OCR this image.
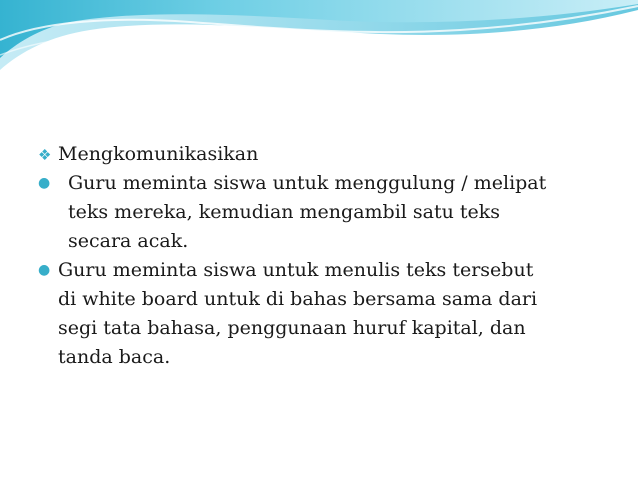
❖ Mengkomunikasikan
● Guru meminta siswa untuk menggulung / melipat teks mereka, kemudian mengambil satu teks secara acak.
● Guru meminta siswa untuk menulis teks tersebut di white board untuk di bahas bersama sama dari segi tata bahasa, penggunaan huruf kapital, dan tanda baca.
